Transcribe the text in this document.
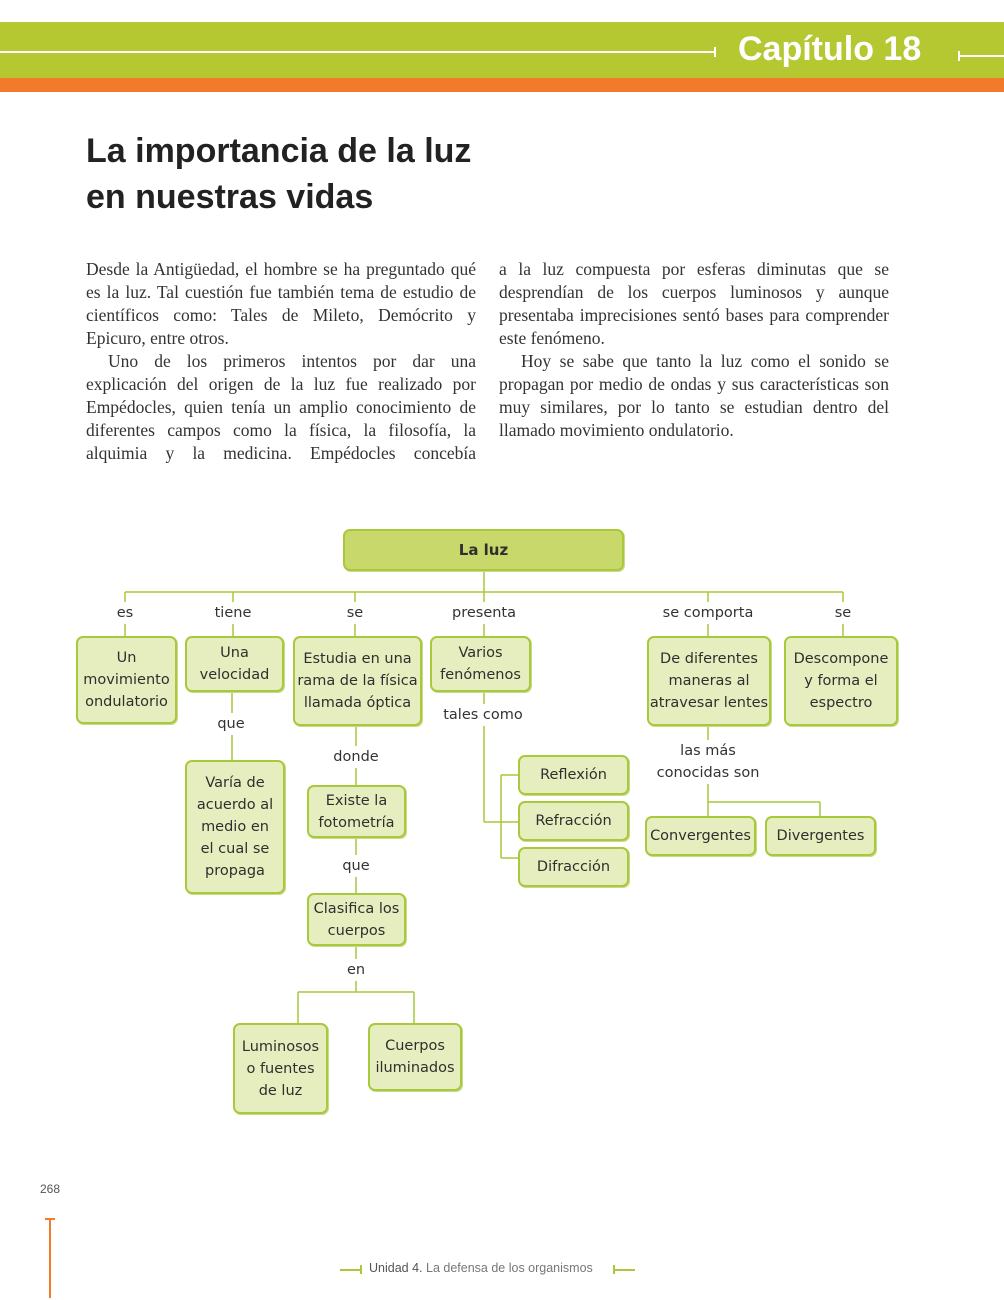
Capítulo 18
La importancia de la luz
en nuestras vidas

Desde la Antigüedad, el hombre se ha preguntado qué es la luz. Tal cuestión fue también tema de estudio de científicos como: Tales de Mileto, Demócrito y Epicuro, entre otros.

Uno de los primeros intentos por dar una explicación del origen de la luz fue realizado por Empédocles, quien tenía un amplio conocimiento de diferentes campos como la física, la filosofía, la alquimia y la medicina. Empédocles concebía

a la luz compuesta por esferas diminutas que se desprendían de los cuerpos luminosos y aunque presentaba imprecisiones sentó bases para comprender este fenómeno.

Hoy se sabe que tanto la luz como el sonido se propagan por medio de ondas y sus características son muy similares, por lo tanto se estudian dentro del llamado movimiento ondulatorio.

La luz
Un
movimiento
ondulatorio
Una
velocidad
Varía de
acuerdo al
medio en
el cual se
propaga
Estudia en una
rama de la física
llamada óptica
Existe la
fotometría
Clasifica los
cuerpos
Luminosos
o fuentes
de luz
Cuerpos
iluminados
Varios
fenómenos
Reflexión
Refracción
Difracción
De diferentes
maneras al
atravesar lentes
Convergentes Divergentes
Descompone
y forma el
espectro
es	tiene	se	presenta	se comporta	se
que
donde
que
en
tales como
las más
conocidas son
268
Unidad 4. La defensa de los organismos
